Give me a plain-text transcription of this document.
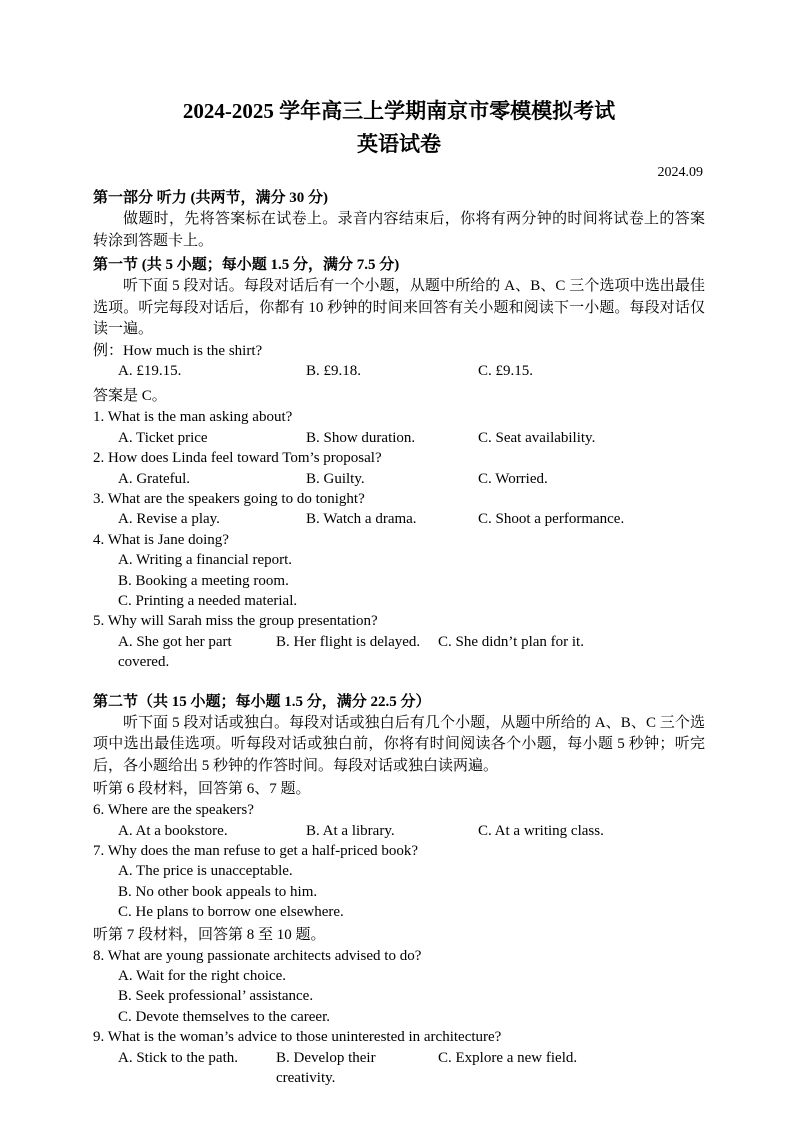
2024-2025 学年高三上学期南京市零模模拟考试
英语试卷
2024.09
第一部分 听力 (共两节，满分 30 分)

做题时，先将答案标在试卷上。录音内容结束后，你将有两分钟的时间将试卷上的答案转涂到答题卡上。

第一节 (共 5 小题；每小题 1.5 分，满分 7.5 分)

听下面 5 段对话。每段对话后有一个小题，从题中所给的 A、B、C 三个选项中选出最佳选项。听完每段对话后，你都有 10 秒钟的时间来回答有关小题和阅读下一小题。每段对话仅读一遍。

例：How much is the shirt?
A. £19.15.	B. £9.18.	C. £9.15.
答案是 C。
1. What is the man asking about?
A. Ticket price	B. Show duration.	C. Seat availability.
2. How does Linda feel toward Tom’s proposal?
A. Grateful.	B. Guilty.	C. Worried.
3. What are the speakers going to do tonight?
A. Revise a play.	B. Watch a drama.	C. Shoot a performance.
4. What is Jane doing?
A. Writing a financial report.
B. Booking a meeting room.
C. Printing a needed material.
5. Why will Sarah miss the group presentation?
A. She got her part covered.
B. Her flight is delayed.	C. She didn’t plan for it.
第二节（共 15 小题；每小题 1.5 分，满分 22.5 分）

听下面 5 段对话或独白。每段对话或独白后有几个小题，从题中所给的 A、B、C 三个选项中选出最佳选项。听每段对话或独白前，你将有时间阅读各个小题，每小题 5 秒钟；听完后，各小题给出 5 秒钟的作答时间。每段对话或独白读两遍。

听第 6 段材料，回答第 6、7 题。
6. Where are the speakers?
A. At a bookstore.	B. At a library.	C. At a writing class.
7. Why does the man refuse to get a half-priced book?
A. The price is unacceptable.
B. No other book appeals to him.
C. He plans to borrow one elsewhere.
听第 7 段材料，回答第 8 至 10 题。
8. What are young passionate architects advised to do?
A. Wait for the right choice.
B. Seek professional’ assistance.
C. Devote themselves to the career.
9. What is the woman’s advice to those uninterested in architecture?
A. Stick to the path.	B. Develop their creativity.
C. Explore a new field.
